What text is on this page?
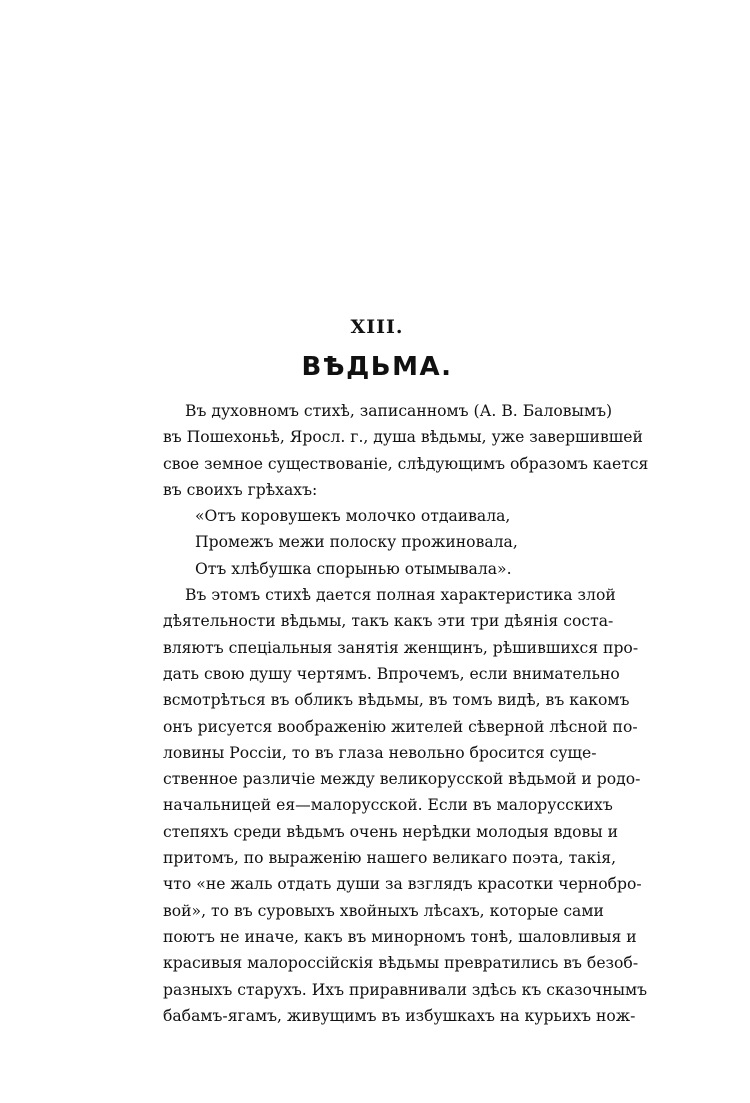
XIII.
ВѢДЬМА.
Въ духовномъ стихѣ, записанномъ (А. В. Баловымъ)
въ Пошехоньѣ, Яросл. г., душа вѣдьмы, уже завершившей
свое земное существованіе, слѣдующимъ образомъ кается
въ своихъ грѣхахъ:
«Отъ коровушекъ молочко отдаивала,
Промежъ межи полоску прожиновала,
Отъ хлѣбушка спорынью отымывала».
Въ этомъ стихѣ дается полная характеристика злой
дѣятельности вѣдьмы, такъ какъ эти три дѣянія соста-
вляютъ спеціальныя занятія женщинъ, рѣшившихся про-
дать свою душу чертямъ. Впрочемъ, если внимательно
всмотрѣться въ обликъ вѣдьмы, въ томъ видѣ, въ какомъ
онъ рисуется воображенію жителей сѣверной лѣсной по-
ловины Россіи, то въ глаза невольно бросится суще-
ственное различіе между великорусской вѣдьмой и родо-
начальницей ея—малорусской. Если въ малорусскихъ
степяхъ среди вѣдьмъ очень нерѣдки молодыя вдовы и
притомъ, по выраженію нашего великаго поэта, такія,
что «не жаль отдать души за взглядъ красотки чернобро-
вой», то въ суровыхъ хвойныхъ лѣсахъ, которые сами
поютъ не иначе, какъ въ минорномъ тонѣ, шаловливыя и
красивыя малороссійскія вѣдьмы превратились въ безоб-
разныхъ старухъ. Ихъ приравнивали здѣсь къ сказочнымъ
бабамъ-ягамъ, живущимъ въ избушкахъ на курьихъ нож-
